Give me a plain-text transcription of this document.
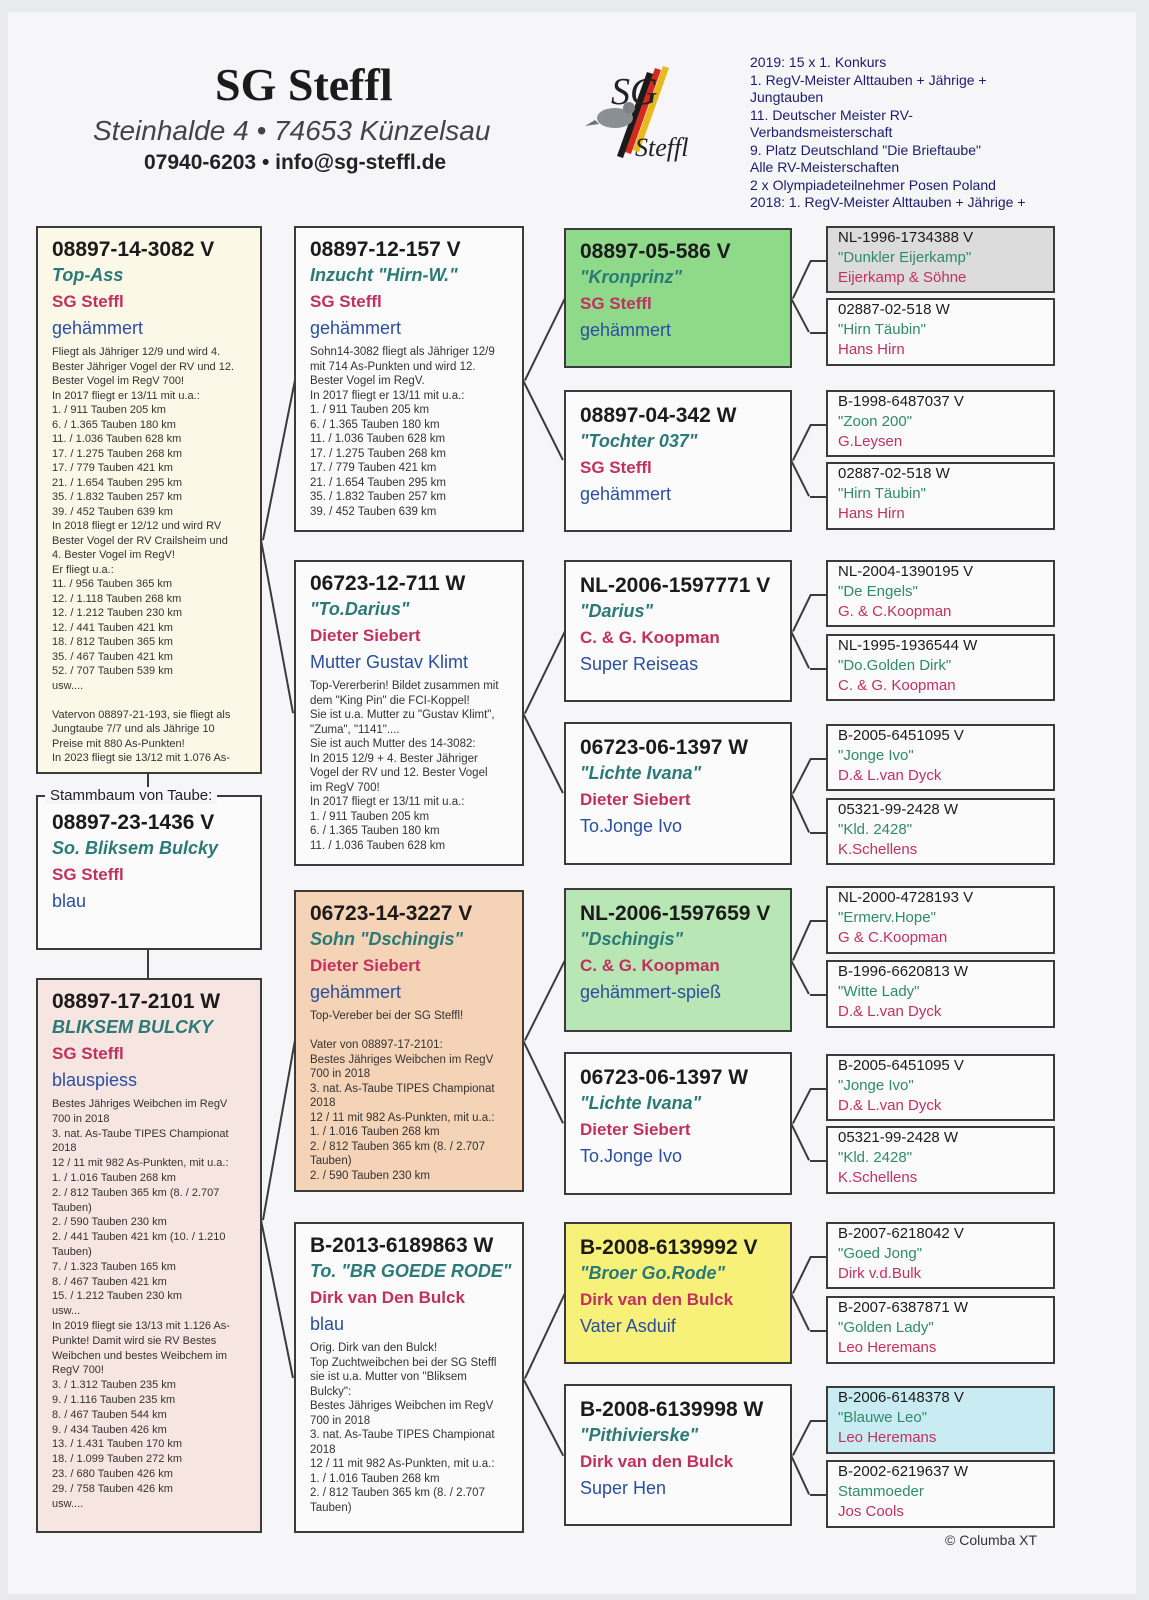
SG Steffl
Steinhalde 4 • 74653 Künzelsau
07940-6203 • info@sg-steffl.de
SG
Steffl
2019: 15 x 1. Konkurs
1. RegV-Meister Alttauben + Jährige +
Jungtauben
11. Deutscher Meister RV-
Verbandsmeisterschaft
9. Platz Deutschland "Die Brieftaube"
Alle RV-Meisterschaften
2 x Olympiadeteilnehmer Posen Poland
2018: 1. RegV-Meister Alttauben + Jährige +
Stammbaum von Taube:
08897-23-1436 V
So. Bliksem Bulcky
SG Steffl
blau
08897-14-3082 V
Top-Ass
SG Steffl
gehämmert
Fliegt als Jähriger 12/9 und wird 4.
Bester Jähriger Vogel der RV und 12.
Bester Vogel im RegV 700!
In 2017 fliegt er 13/11 mit u.a.:
1. / 911 Tauben 205 km
6. / 1.365 Tauben 180 km
11. / 1.036 Tauben 628 km
17. / 1.275 Tauben 268 km
17. / 779 Tauben 421 km
21. / 1.654 Tauben 295 km
35. / 1.832 Tauben 257 km
39. / 452 Tauben 639 km
In 2018 fliegt er 12/12 und wird RV
Bester Vogel der RV Crailsheim und
4. Bester Vogel im RegV!
Er fliegt u.a.:
11. / 956 Tauben 365 km
12. / 1.118 Tauben 268 km
12. / 1.212 Tauben 230 km
12. / 441 Tauben 421 km
18. / 812 Tauben 365 km
35. / 467 Tauben 421 km
52. / 707 Tauben 539 km
usw....

Vatervon 08897-21-193, sie fliegt als
Jungtaube 7/7 und als Jährige 10
Preise mit 880 As-Punkten!
In 2023 fliegt sie 13/12 mit 1.076 As-
08897-17-2101 W
BLIKSEM BULCKY
SG Steffl
blauspiess
Bestes Jähriges Weibchen im RegV
700 in 2018
3. nat. As-Taube TIPES Championat
2018
12 / 11 mit 982 As-Punkten, mit u.a.:
1. / 1.016 Tauben 268 km
2. / 812 Tauben 365 km (8. / 2.707
Tauben)
2. / 590 Tauben 230 km
2. / 441 Tauben 421 km (10. / 1.210
Tauben)
7. / 1.323 Tauben 165 km
8. / 467 Tauben 421 km
15. / 1.212 Tauben 230 km
usw...
In 2019 fliegt sie 13/13 mit 1.126 As-
Punkte! Damit wird sie RV Bestes
Weibchen und bestes Weibchem im
RegV 700!
3. / 1.312 Tauben 235 km
9. / 1.116 Tauben 235 km
8. / 467 Tauben 544 km
9. / 434 Tauben 426 km
13. / 1.431 Tauben 170 km
18. / 1.099 Tauben 272 km
23. / 680 Tauben 426 km
29. / 758 Tauben 426 km
usw....
08897-12-157 V
Inzucht "Hirn-W."
SG Steffl
gehämmert
Sohn14-3082 fliegt als Jähriger 12/9
mit 714 As-Punkten und wird 12.
Bester Vogel im RegV.
In 2017 fliegt er 13/11 mit u.a.:
1. / 911 Tauben 205 km
6. / 1.365 Tauben 180 km
11. / 1.036 Tauben 628 km
17. / 1.275 Tauben 268 km
17. / 779 Tauben 421 km
21. / 1.654 Tauben 295 km
35. / 1.832 Tauben 257 km
39. / 452 Tauben 639 km
06723-12-711 W
"To.Darius"
Dieter Siebert
Mutter Gustav Klimt
Top-Vererberin! Bildet zusammen mit
dem "King Pin" die FCI-Koppel!
Sie ist u.a. Mutter zu "Gustav Klimt",
"Zuma", "1141"....
Sie ist auch Mutter des 14-3082:
In 2015 12/9 + 4. Bester Jähriger
Vogel der RV und 12. Bester Vogel
im RegV 700!
In 2017 fliegt er 13/11 mit u.a.:
1. / 911 Tauben 205 km
6. / 1.365 Tauben 180 km
11. / 1.036 Tauben 628 km
06723-14-3227 V
Sohn "Dschingis"
Dieter Siebert
gehämmert
Top-Vereber bei der SG Steffl!

Vater von 08897-17-2101:
Bestes Jähriges Weibchen im RegV
700 in 2018
3. nat. As-Taube TIPES Championat
2018
12 / 11 mit 982 As-Punkten, mit u.a.:
1. / 1.016 Tauben 268 km
2. / 812 Tauben 365 km (8. / 2.707
Tauben)
2. / 590 Tauben 230 km
B-2013-6189863 W
To. "BR GOEDE RODE"
Dirk van Den Bulck
blau
Orig. Dirk van den Bulck!
Top Zuchtweibchen bei der SG Steffl
sie ist u.a. Mutter von "Bliksem
Bulcky":
Bestes Jähriges Weibchen im RegV
700 in 2018
3. nat. As-Taube TIPES Championat
2018
12 / 11 mit 982 As-Punkten, mit u.a.:
1. / 1.016 Tauben 268 km
2. / 812 Tauben 365 km (8. / 2.707
Tauben)
08897-05-586 V
"Kronprinz"
SG Steffl
gehämmert
08897-04-342 W
"Tochter 037"
SG Steffl
gehämmert
NL-2006-1597771 V
"Darius"
C. & G. Koopman
Super Reiseas
06723-06-1397 W
"Lichte Ivana"
Dieter Siebert
To.Jonge Ivo
NL-2006-1597659 V
"Dschingis"
C. & G. Koopman
gehämmert-spieß
06723-06-1397 W
"Lichte Ivana"
Dieter Siebert
To.Jonge Ivo
B-2008-6139992 V
"Broer Go.Rode"
Dirk van den Bulck
Vater Asduif
B-2008-6139998 W
"Pithivierske"
Dirk van den Bulck
Super Hen
NL-1996-1734388 V
"Dunkler Eijerkamp"
Eijerkamp & Söhne
02887-02-518 W
"Hirn Täubin"
Hans Hirn
B-1998-6487037 V
"Zoon 200"
G.Leysen
02887-02-518 W
"Hirn Täubin"
Hans Hirn
NL-2004-1390195 V
"De Engels"
G. & C.Koopman
NL-1995-1936544 W
"Do.Golden Dirk"
C. & G. Koopman
B-2005-6451095 V
"Jonge Ivo"
D.& L.van Dyck
05321-99-2428 W
"Kld. 2428"
K.Schellens
NL-2000-4728193 V
"Ermerv.Hope"
G & C.Koopman
B-1996-6620813 W
"Witte Lady"
D.& L.van Dyck
B-2005-6451095 V
"Jonge Ivo"
D.& L.van Dyck
05321-99-2428 W
"Kld. 2428"
K.Schellens
B-2007-6218042 V
"Goed Jong"
Dirk v.d.Bulk
B-2007-6387871 W
"Golden Lady"
Leo Heremans
B-2006-6148378 V
"Blauwe Leo"
Leo Heremans
B-2002-6219637 W
Stammoeder
Jos Cools
© Columba XT
